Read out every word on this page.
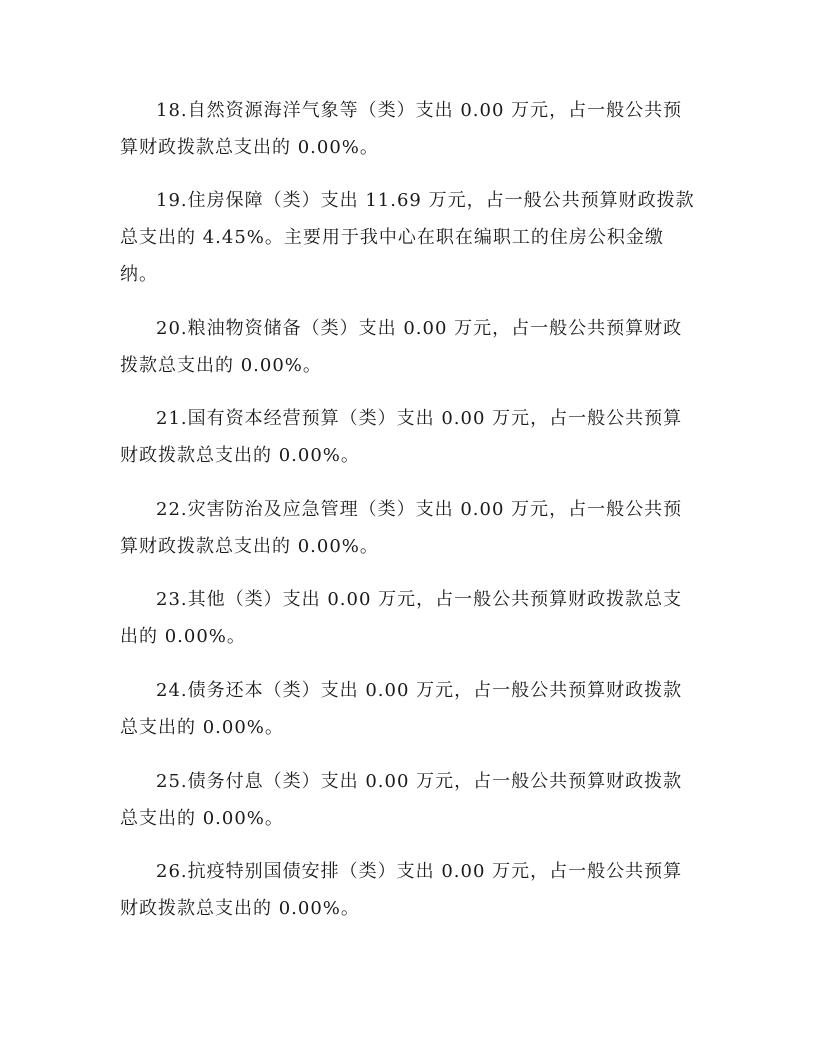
18.自然资源海洋气象等（类）支出 0.00 万元，占一般公共预算财政拨款总支出的 0.00%。

19.住房保障（类）支出 11.69 万元，占一般公共预算财政拨款总支出的 4.45%。主要用于我中心在职在编职工的住房公积金缴纳。

20.粮油物资储备（类）支出 0.00 万元，占一般公共预算财政拨款总支出的 0.00%。

21.国有资本经营预算（类）支出 0.00 万元，占一般公共预算财政拨款总支出的 0.00%。

22.灾害防治及应急管理（类）支出 0.00 万元，占一般公共预算财政拨款总支出的 0.00%。

23.其他（类）支出 0.00 万元，占一般公共预算财政拨款总支出的 0.00%。

24.债务还本（类）支出 0.00 万元，占一般公共预算财政拨款总支出的 0.00%。

25.债务付息（类）支出 0.00 万元，占一般公共预算财政拨款总支出的 0.00%。

26.抗疫特别国债安排（类）支出 0.00 万元，占一般公共预算财政拨款总支出的 0.00%。
